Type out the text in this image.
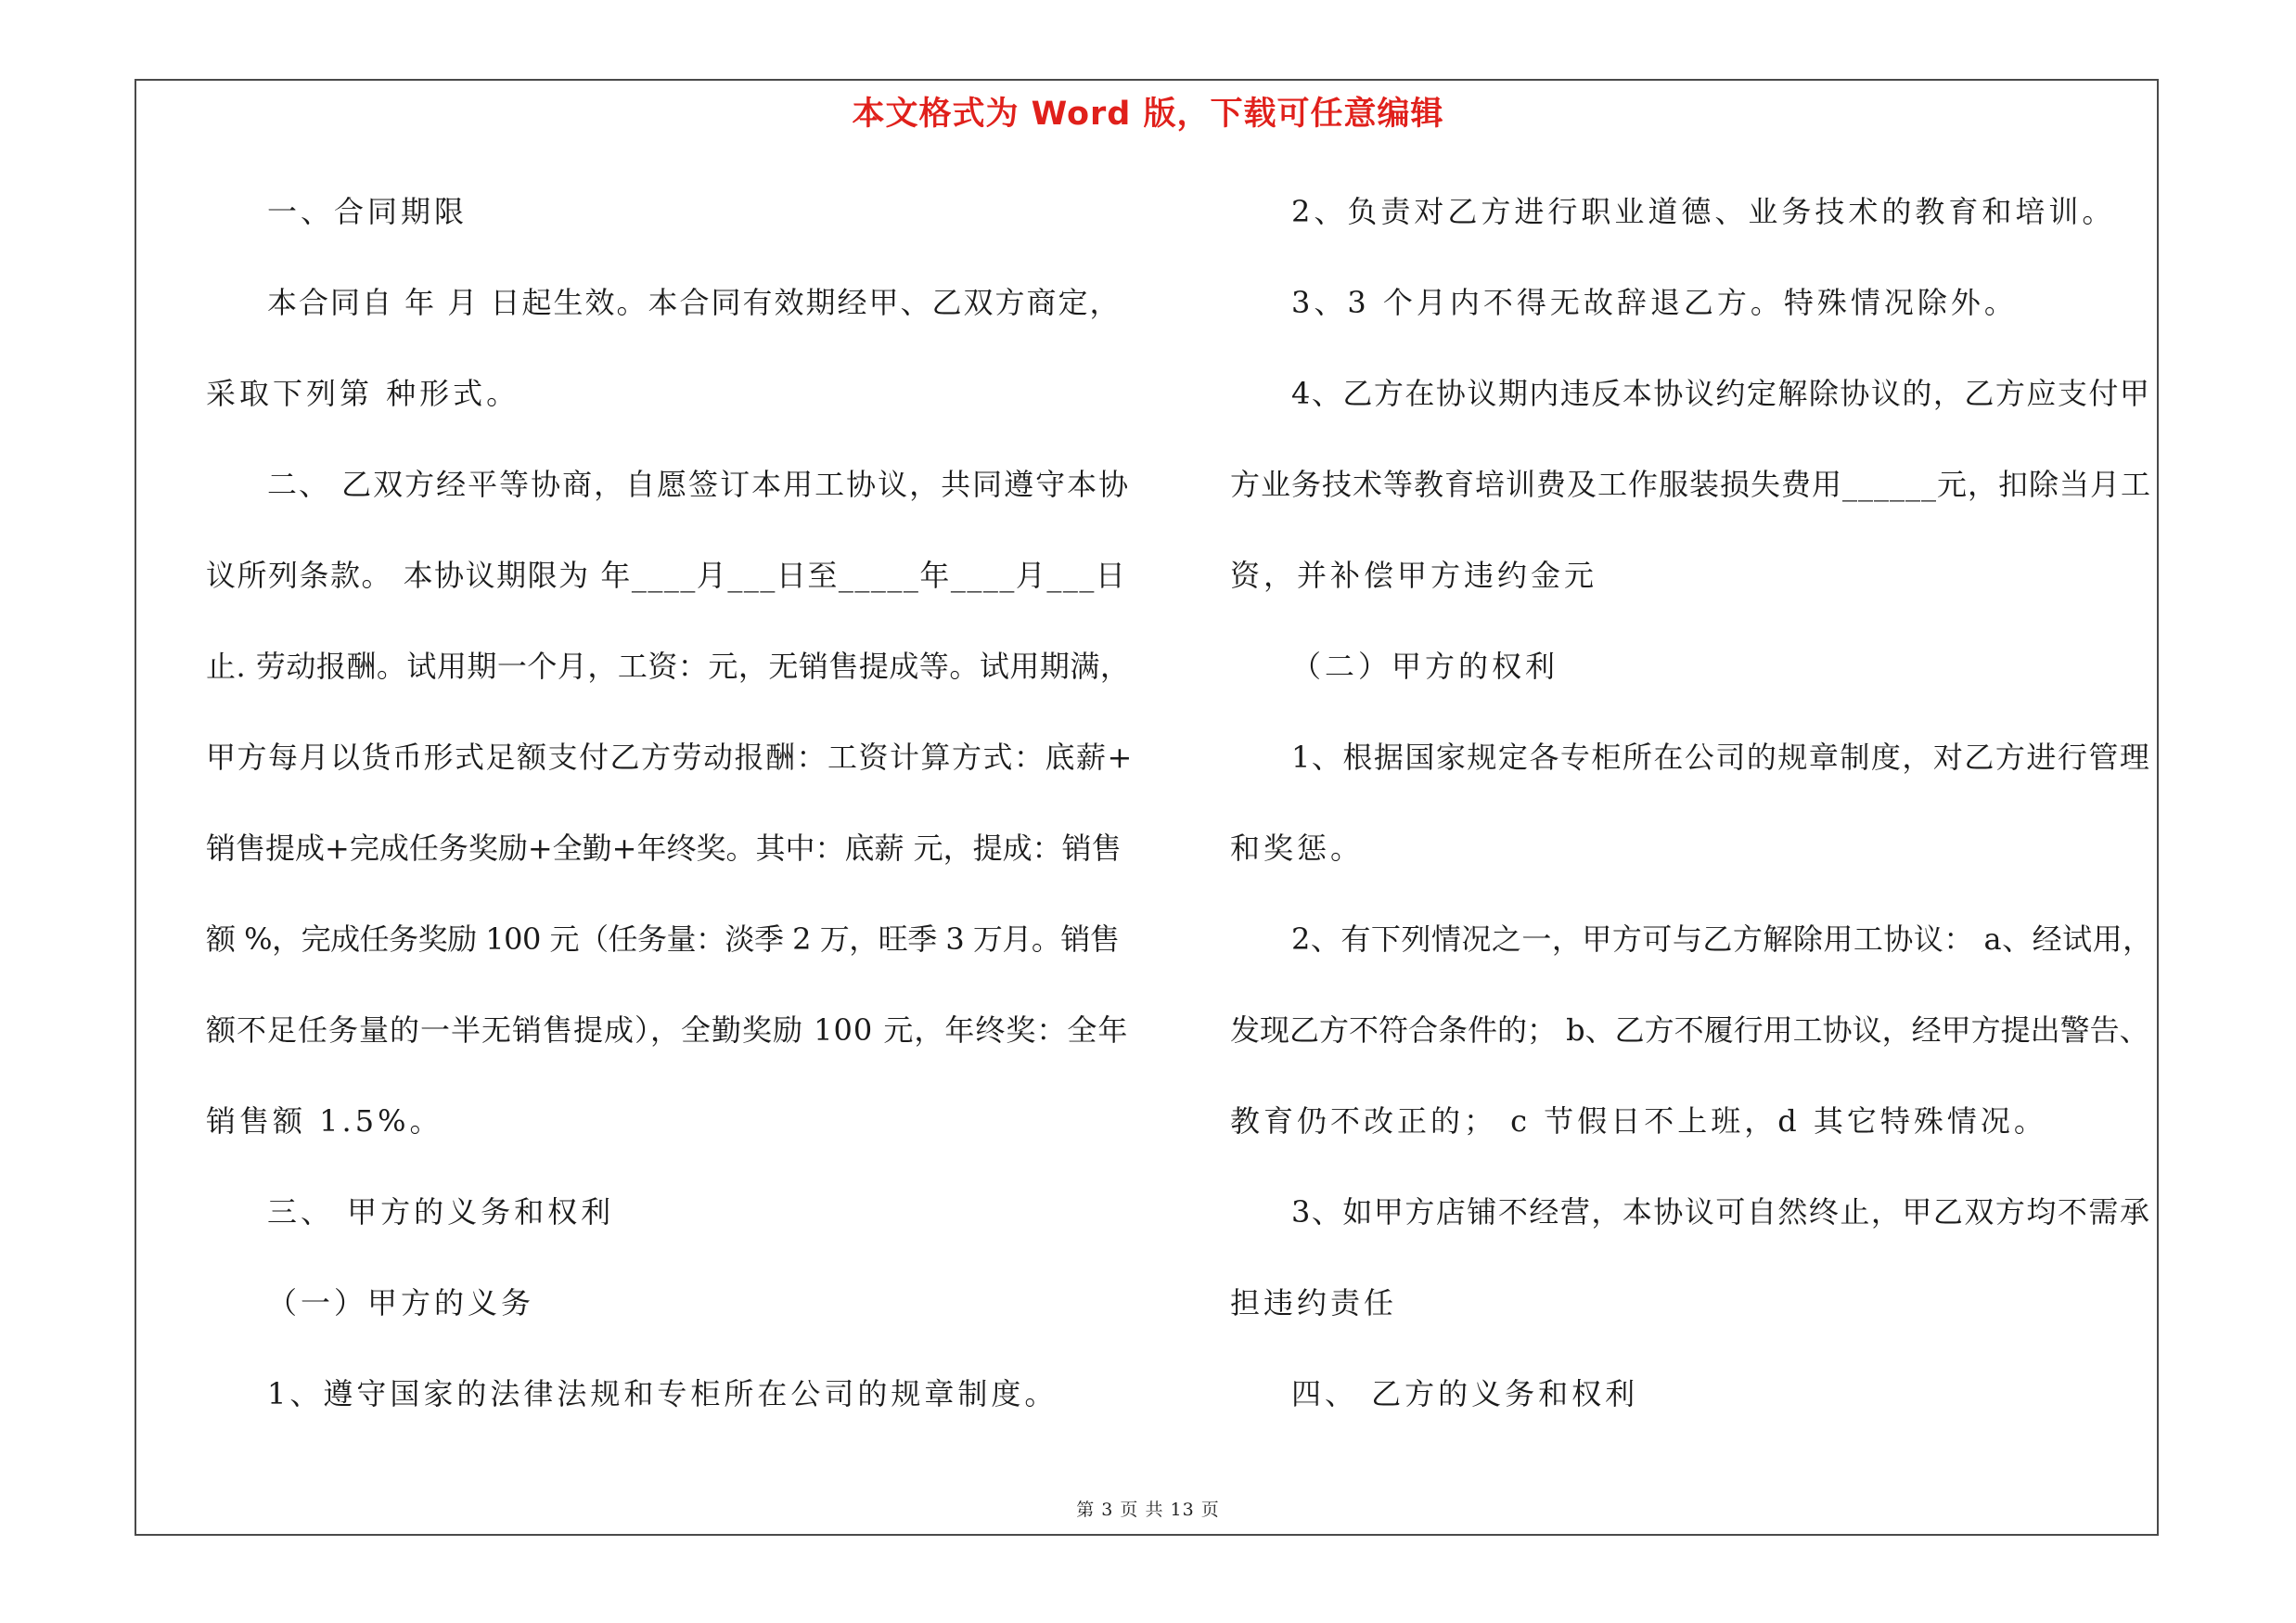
本文格式为 Word 版，下载可任意编辑
一、合同期限
本合同自 年 月 日起生效。本合同有效期经甲、乙双方商定，
采取下列第 种形式。
二、 乙双方经平等协商，自愿签订本用工协议，共同遵守本协
议所列条款。 本协议期限为 年____月___日至_____年____月___日
止. 劳动报酬。试用期一个月，工资：元，无销售提成等。试用期满，
甲方每月以货币形式足额支付乙方劳动报酬：工资计算方式：底薪+
销售提成+完成任务奖励+全勤+年终奖。其中：底薪 元，提成：销售
额 %，完成任务奖励 100 元（任务量：淡季 2 万，旺季 3 万月。销售
额不足任务量的一半无销售提成），全勤奖励 100 元，年终奖：全年
销售额 1.5%。
三、 甲方的义务和权利
（一）甲方的义务
1、遵守国家的法律法规和专柜所在公司的规章制度。
2、负责对乙方进行职业道德、业务技术的教育和培训。
3、3 个月内不得无故辞退乙方。特殊情况除外。
4、乙方在协议期内违反本协议约定解除协议的，乙方应支付甲
方业务技术等教育培训费及工作服装损失费用______元，扣除当月工
资，并补偿甲方违约金元
（二）甲方的权利
1、根据国家规定各专柜所在公司的规章制度，对乙方进行管理
和奖惩。
2、有下列情况之一，甲方可与乙方解除用工协议： a、经试用，
发现乙方不符合条件的； b、乙方不履行用工协议，经甲方提出警告、
教育仍不改正的； c 节假日不上班，d 其它特殊情况。
3、如甲方店铺不经营，本协议可自然终止，甲乙双方均不需承
担违约责任
四、 乙方的义务和权利
第 3 页 共 13 页
